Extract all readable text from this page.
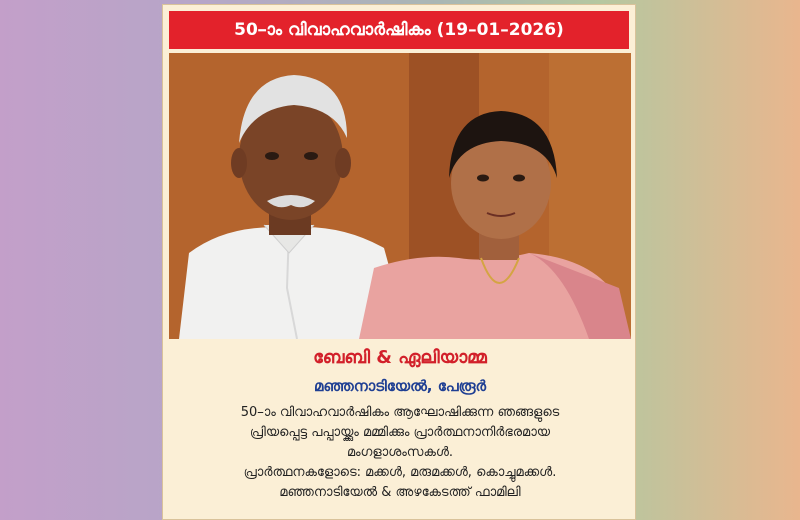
50–ാം വിവാഹവാർഷികം (19–01–2026)
ബേബി & ഏലിയാമ്മ
മഞ്ഞനാടിയേൽ, പേരൂർ
50–ാം വിവാഹവാർഷികം ആഘോഷിക്കുന്ന ഞങ്ങളുടെ
പ്രിയപ്പെട്ട പപ്പായ്ക്കും മമ്മിക്കും പ്രാർത്ഥനാനിർഭരമായ
മംഗളാശംസകൾ.
പ്രാർത്ഥനകളോടെ: മക്കൾ, മരുമക്കൾ, കൊച്ചുമക്കൾ.
മഞ്ഞനാടിയേൽ & അഴകേടത്ത് ഫാമിലി
